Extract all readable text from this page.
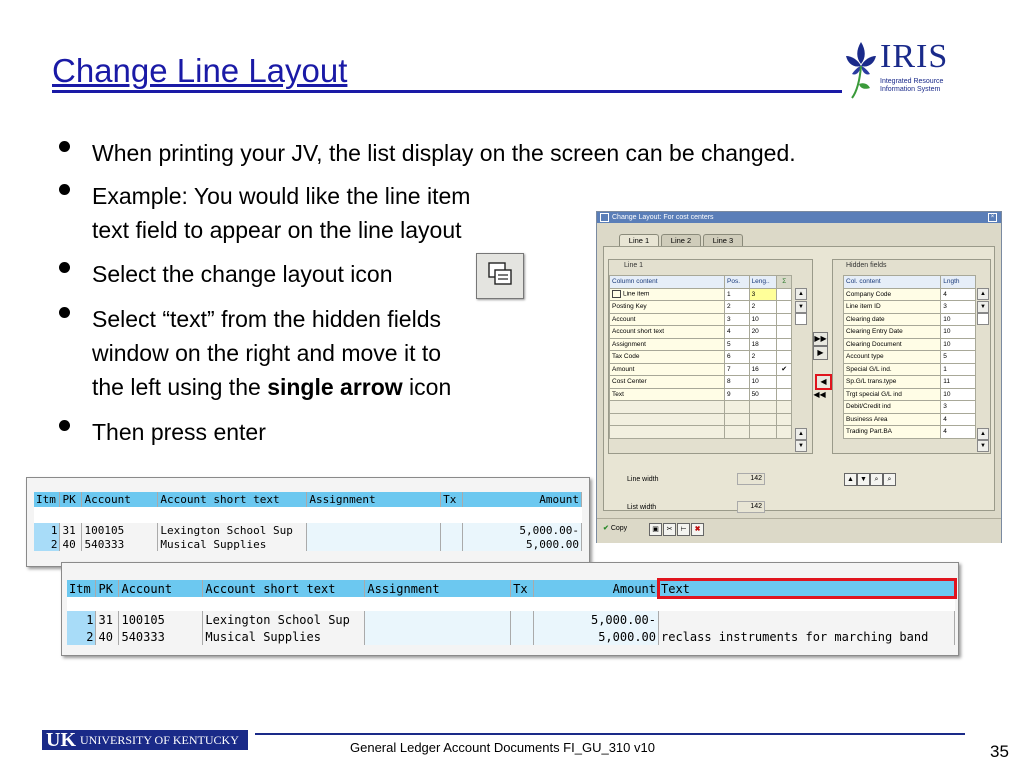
Change Line Layout	IRIS
Integrated Resource
Information System
When printing your JV, the list display on the screen can be changed.
Example: You would like the line item
text field to appear on the line layout
Select the change layout icon
Select “text” from the hidden fields
window on the right and move it to
the left using the single arrow icon
Then press enter
Change Layout: For cost centers	×
Line 1	Line 2	Line 3
Line 1
Column content	Pos.	Leng..	Σ
Line item	1	3	
Posting Key	2	2	
Account	3	10	
Account short text	4	20	
Assignment	5	18	
Tax Code	6	2	
Amount	7	16	✔
Cost Center	8	10	
Text	9	50	

▲
▼
▲
▼
▶▶
▶
◀
◀◀
Hidden fields
Col. content	Lngth
Company Code	4
Line item ID	3
Clearing date	10
Clearing Entry Date	10
Clearing Document	10
Account type	5
Special G/L ind.	1
Sp.G/L trans.type	11
Trgt special G/L ind	10
Debit/Credit ind	3
Business Area	4
Trading Part.BA	4
▲
▼
▲
▼
Line width	142
List width	142
▲ ▼	⌕	⌕
✔ Copy	▣	✂	⊢	✖
Itm	PK	Account	Account short text	Assignment	Tx	Amount

1	31	100105	Lexington School Sup			5,000.00-
2	40	540333	Musical Supplies			5,000.00
Itm	PK	Account	Account short text	Assignment	Tx	Amount	Text

1	31	100105	Lexington School Sup			5,000.00-	
2	40	540333	Musical Supplies			5,000.00	reclass instruments for marching band
UK UNIVERSITY OF KENTUCKY	General Ledger Account Documents FI_GU_310 v10	35
